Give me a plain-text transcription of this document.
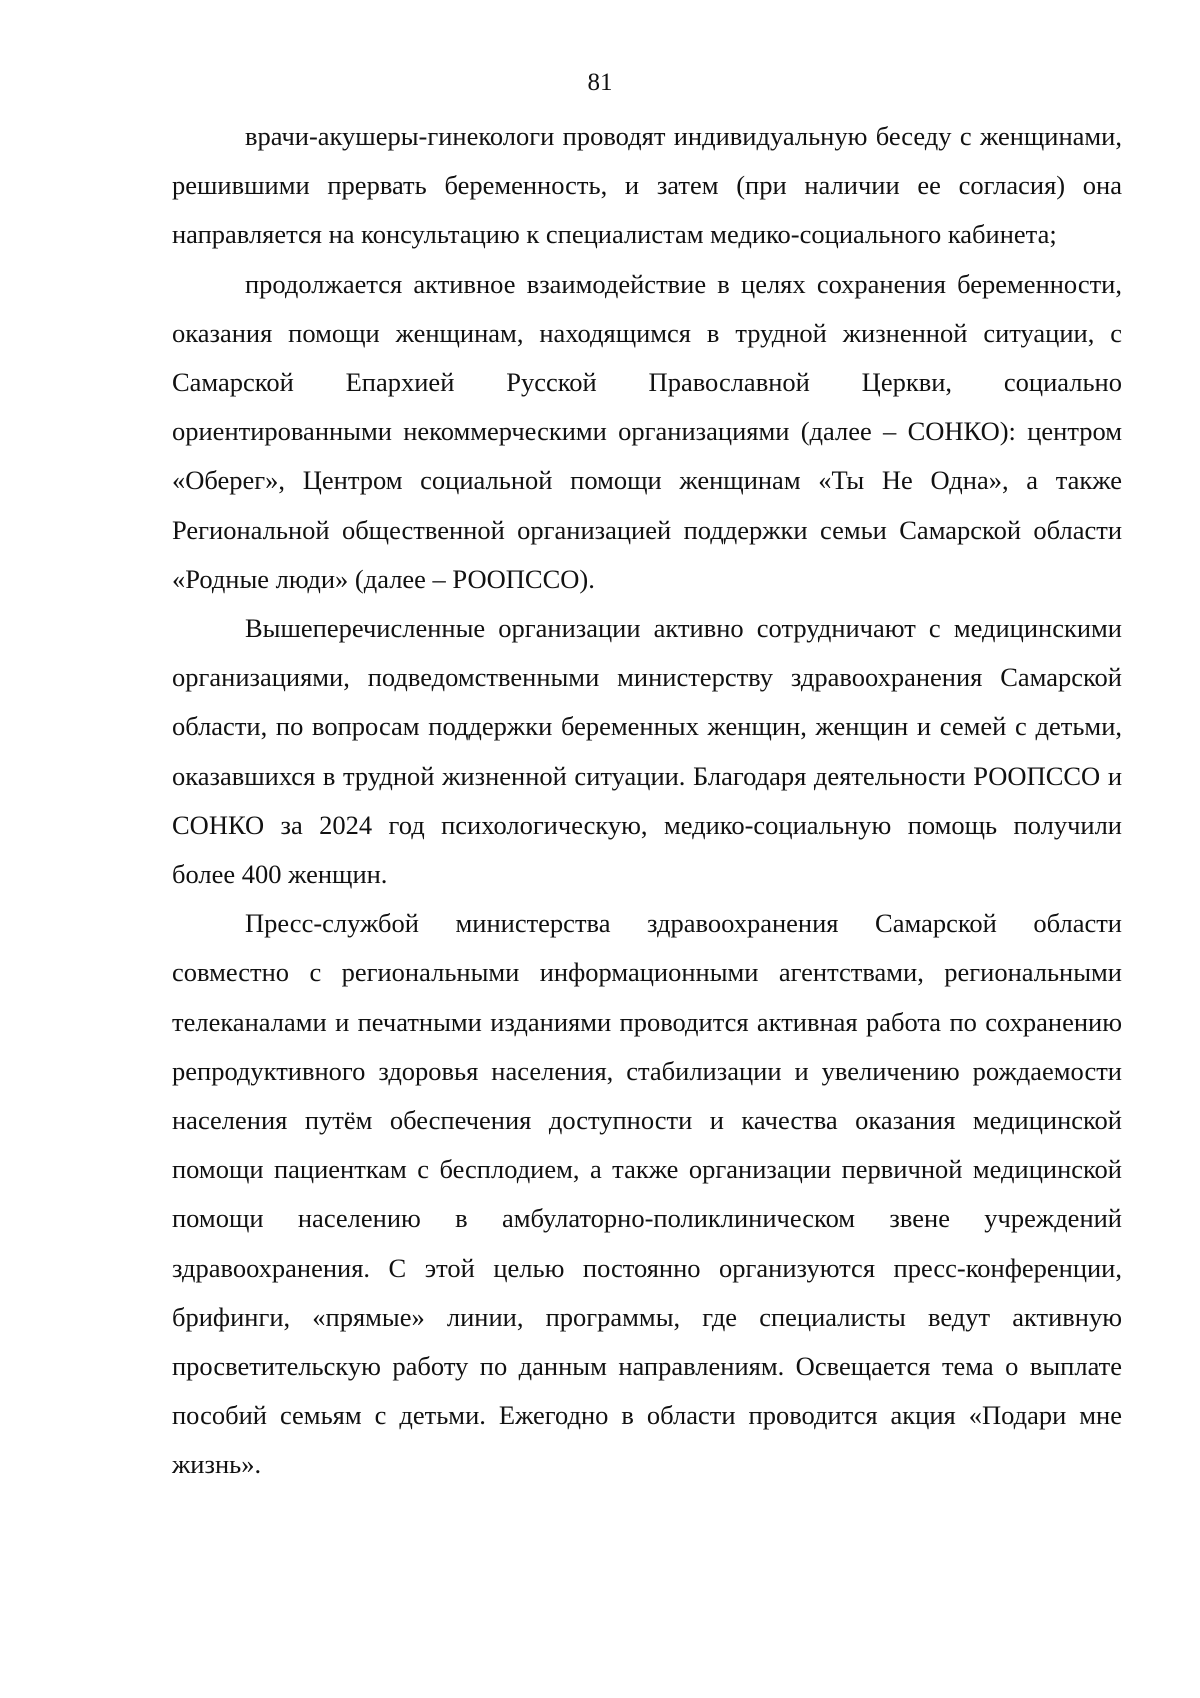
81

врачи-акушеры-гинекологи проводят индивидуальную беседу с женщинами, решившими прервать беременность, и затем (при наличии ее согласия) она направляется на консультацию к специалистам медико-социального кабинета;

продолжается активное взаимодействие в целях сохранения беременности, оказания помощи женщинам, находящимся в трудной жизненной ситуации, с Самарской Епархией Русской Православной Церкви, социально ориентированными некоммерческими организациями (далее – СОНКО): центром «Оберег», Центром социальной помощи женщинам «Ты Не Одна», а также Региональной общественной организацией поддержки семьи Самарской области «Родные люди» (далее – РООПССО).

Вышеперечисленные организации активно сотрудничают с медицинскими организациями, подведомственными министерству здравоохранения Самарской области, по вопросам поддержки беременных женщин, женщин и семей с детьми, оказавшихся в трудной жизненной ситуации. Благодаря деятельности РООПССО и СОНКО за 2024 год психологическую, медико-социальную помощь получили более 400 женщин.

Пресс-службой министерства здравоохранения Самарской области совместно с региональными информационными агентствами, региональными телеканалами и печатными изданиями проводится активная работа по сохранению репродуктивного здоровья населения, стабилизации и увеличению рождаемости населения путём обеспечения доступности и качества оказания медицинской помощи пациенткам с бесплодием, а также организации первичной медицинской помощи населению в амбулаторно-поликлиническом звене учреждений здравоохранения. С этой целью постоянно организуются пресс-конференции, брифинги, «прямые» линии, программы, где специалисты ведут активную просветительскую работу по данным направлениям. Освещается тема о выплате пособий семьям с детьми. Ежегодно в области проводится акция «Подари мне жизнь».
